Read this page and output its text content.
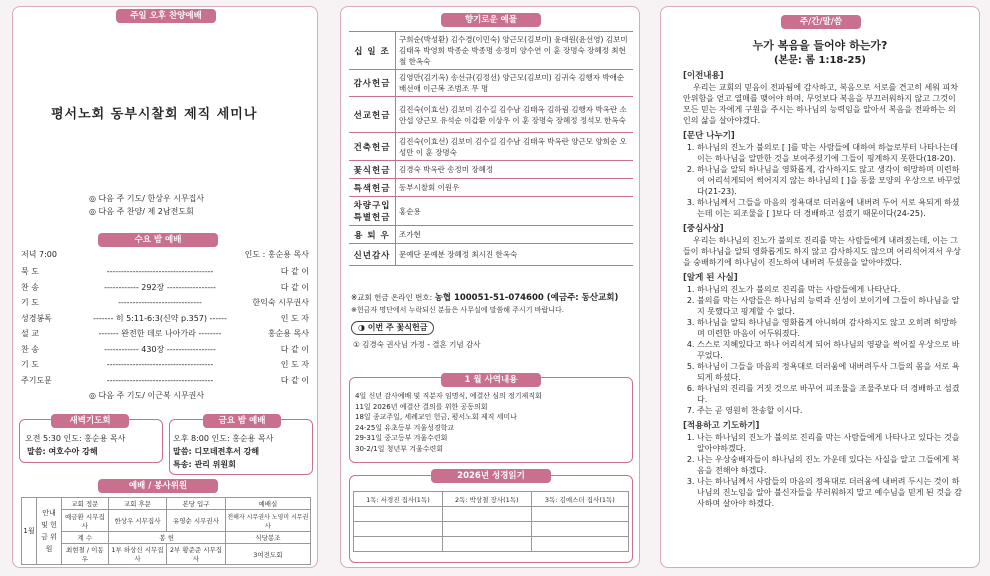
주일 오후 찬양예배
평서노회 동부시찰회 제직 세미나
◎ 다음 주 기도/ 한상우 시무집사
◎ 다음 주 찬양/ 제 2남전도회
수요 밤 예배
저녁 7:00	인도 : 홍순용 목사
묵 도	-------------------------------------	다 같 이
찬 송	------------ 292장 -----------------	다 같 이
기 도	-----------------------------	한익숙 시무권사
성경봉독	------- 히 5:11-6:3(신약 p.357) ------	인 도 자
설 교	------- 완전한 데로 나아가라 --------	홍순용 목사
찬 송	------------ 430장 -----------------	다 같 이
기 도	-------------------------------------	인 도 자
주기도문	-------------------------------------	다 같 이
◎ 다음 주 기도/ 이근복 시무권사
새벽기도회
오전 5:30 인도: 홍순용 목사
말씀: 여호수아 강해
금요 밤 예배
오후 8:00 인도: 홍순용 목사
말씀: 디모데전후서 강해
특송: 관리 위원회
예배 / 봉사위원
1월	안내 및 헌금 위원	교회 정문	교회 후문	본당 입구	예배실
		예금환 시무집사	한상우 시무집사	유영순 시무권사	전해자 시무권사 노영미 시무권사
		계 수	봉 헌		식당봉조
		최현철 / 이동우	1부 하상신 시무집사	2부 황준준 시무집사	3여전도회
향기로운 예물
십 일 조	구희순(박성환) 김수경(이민숙) 양근모(김보미) 윤대원(윤선영) 김보미 김태옥 박영희 박종순 박종명 송정미 양수연 이 훈 장명숙 장혜정 최현철 한옥숙
감사헌금	김영만(김기옥) 송선규(김정선) 양근모(김보미) 김귀숙 김행자 박애순 배선애 이근복 조범조 무 명
선교헌금	김진숙(이효선) 김보미 김수길 김수남 김태옥 김하림 김행자 박옥란 소안섭 양근모 유석순 이갑환 이상우 이 훈 장명숙 장혜정 정석모 한옥숙
건축헌금	김진숙(이효선) 김보미 김수길 김수남 김태옥 박옥란 양근모 양희순 오성만 이 훈 장명숙
꽃식헌금	김경숙 박옥란 송정미 장혜정
특색헌금	동부시찰회 이원우
차량구입 특별헌금	홍순용
용 퇴 우	조가현
신년감사	문예단 문예분 장혜정 최시진 한옥숙
※교회 헌금 온라인 번호: 농협 100051-51-074600 (예금주: 동산교회)
※헌금자 명단에서 누락되신 분들은 사무실에 말씀해 주시기 바랍니다.
◑ 이번 주 꽃식헌금
① 김경숙 권사님 가정 - 결혼 기념 감사
1 월 사역내용
4일 신년 감사예배 및 직분자 임명식, 예결산 심의 정기제직회
11일 2026년 예결산 결의를 위한 공동의회
18일 종교주일, 세례교인 헌금, 평서노회 제직 세미나
24-25일 유초등부 겨울성경학교
29-31일 중고등부 겨울수련회
30-2/1일 청년부 겨울수련회
2026년 성경읽기
1독: 서경진 집사(1독)	2독: 박상철 장사(1독)	3독: 김애스더 집사(1독)

주/간/말/씀
누가 복음을 들어야 하는가?
(본문: 롬 1:18-25)
[이전내용]
우리는 교회의 믿음이 전파됨에 감사하고, 복음으로 서로를 견고히 세워 피차 안위함을 얻고 열매를 맺어야 하며, 무엇보다 복음을 부끄러워하지 않고 그것이 모든 믿는 자에게 구원을 주시는 하나님의 능력임을 알아서 복음을 전파하는 의인의 삶을 살아야겠다.
[문단 나누기]
1. 하나님의 진노가 불의로 [ ]를 막는 사람들에 대하여 하늘로부터 나타나는데 이는 하나님을 알만한 것을 보여주셨기에 그들이 핑계하지 못한다(18-20).
2. 하나님을 알되 하나님을 영화롭게, 감사하지도 않고 생각이 허망하며 미련하여 어리석게되어 썩어지지 않는 하나님의 [ ]을 동물 모양의 우상으로 바꾸었다(21-23).
3. 하나님께서 그들을 마음의 정욕대로 더러움에 내버려 두어 서로 욕되게 하셨는데 이는 피조물을 [ ]보다 더 경배하고 섬겼기 때문이다(24-25).
[중심사상]
우리는 하나님의 진노가 불의로 진리를 막는 사람들에게 내려졌는데, 이는 그들이 하나님을 알되 영화롭게도 하지 않고 감사하지도 않으며 어리석어져서 우상을 숭배하기에 하나님이 진노하여 내버려 두셨음을 알아야겠다.
[알게 된 사실]
1. 하나님의 진노가 불의로 진리를 막는 사람들에게 나타난다.
2. 불의를 막는 사람들은 하나님의 능력과 신성이 보이기에 그들이 하나님을 알지 못했다고 핑계할 수 없다.
3. 하나님을 알되 하나님을 영화롭게 아니하며 감사하지도 않고 오히려 허망하며 미련한 마음이 어두워졌다.
4. 스스로 지혜있다고 하나 어리석게 되어 하나님의 영광을 썩어질 우상으로 바꾸었다.
5. 하나님이 그들을 마음의 정욕대로 더러움에 내버려두사 그들의 몸을 서로 욕되게 하셨다.
6. 하나님의 진리를 거짓 것으로 바꾸어 피조물을 조물주보다 더 경배하고 섬겼다.
7. 주는 곧 영원히 찬송할 이시다.
[적용하고 기도하기]
1. 나는 하나님의 진노가 불의로 진리를 막는 사람들에게 나타나고 있다는 것을 알아야하겠다.
2. 나는 우상숭배자들이 하나님의 진노 가운데 있다는 사실을 알고 그들에게 복음을 전해야 하겠다.
3. 나는 하나님께서 사람들의 마음의 정욕대로 더러움에 내버려 두시는 것이 하나님의 진노임을 알아 불신자들을 부러워하지 말고 예수님을 믿게 된 것을 감사하며 살아야 하겠다.
